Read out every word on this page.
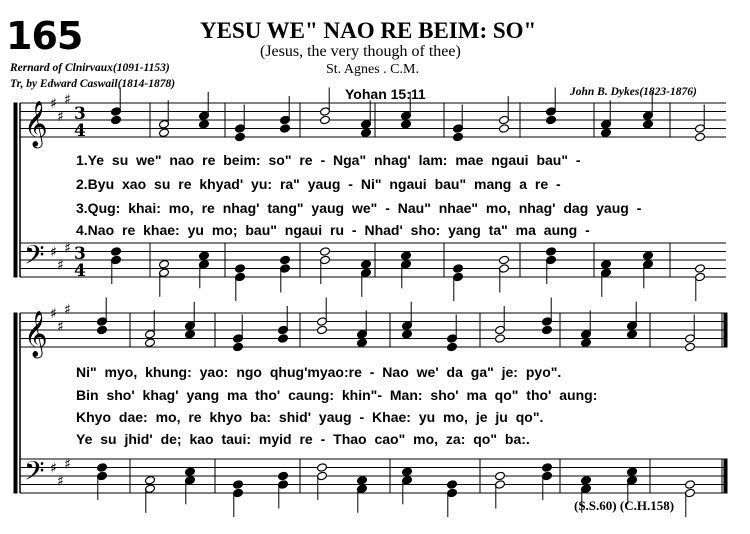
165	YESU WE" NAO RE BEIM: SO"
(Jesus, the very though of thee)
Rernard of Clnirvaux(1091-1153)
Tr, by Edward Caswail(1814-1878)
St. Agnes . C.M.
Yohan 15:11	John B. Dykes(1823-1876)
𝄞 ♯
♯
♯
3
4
𝄢 ♯
♯
♯ 3
4
𝄞 ♯
♯
♯
𝄢 ♯
♯
♯
1.Ye su we" nao re beim: so" re - Nga" nhag' lam: mae ngaui bau" -
2.Byu xao su re khyad' yu: ra" yaug - Ni" ngaui bau" mang a re -
3.Qug: khai: mo, re nhag' tang" yaug we" - Nau" nhae" mo, nhag' dag yaug -
4.Nao re khae: yu mo; bau" ngaui ru - Nhad' sho: yang ta" ma aung -
Ni" myo, khung: yao: ngo qhug'myao:re - Nao we' da ga" je: pyo".
Bin sho' khag' yang ma tho' caung: khin"- Man: sho' ma qo" tho' aung:
Khyo dae: mo, re khyo ba: shid' yaug - Khae: yu mo, je ju qo".
Ye su jhid' de; kao taui: myid re - Thao cao" mo, za: qo" ba:.
(S.S.60) (C.H.158)
